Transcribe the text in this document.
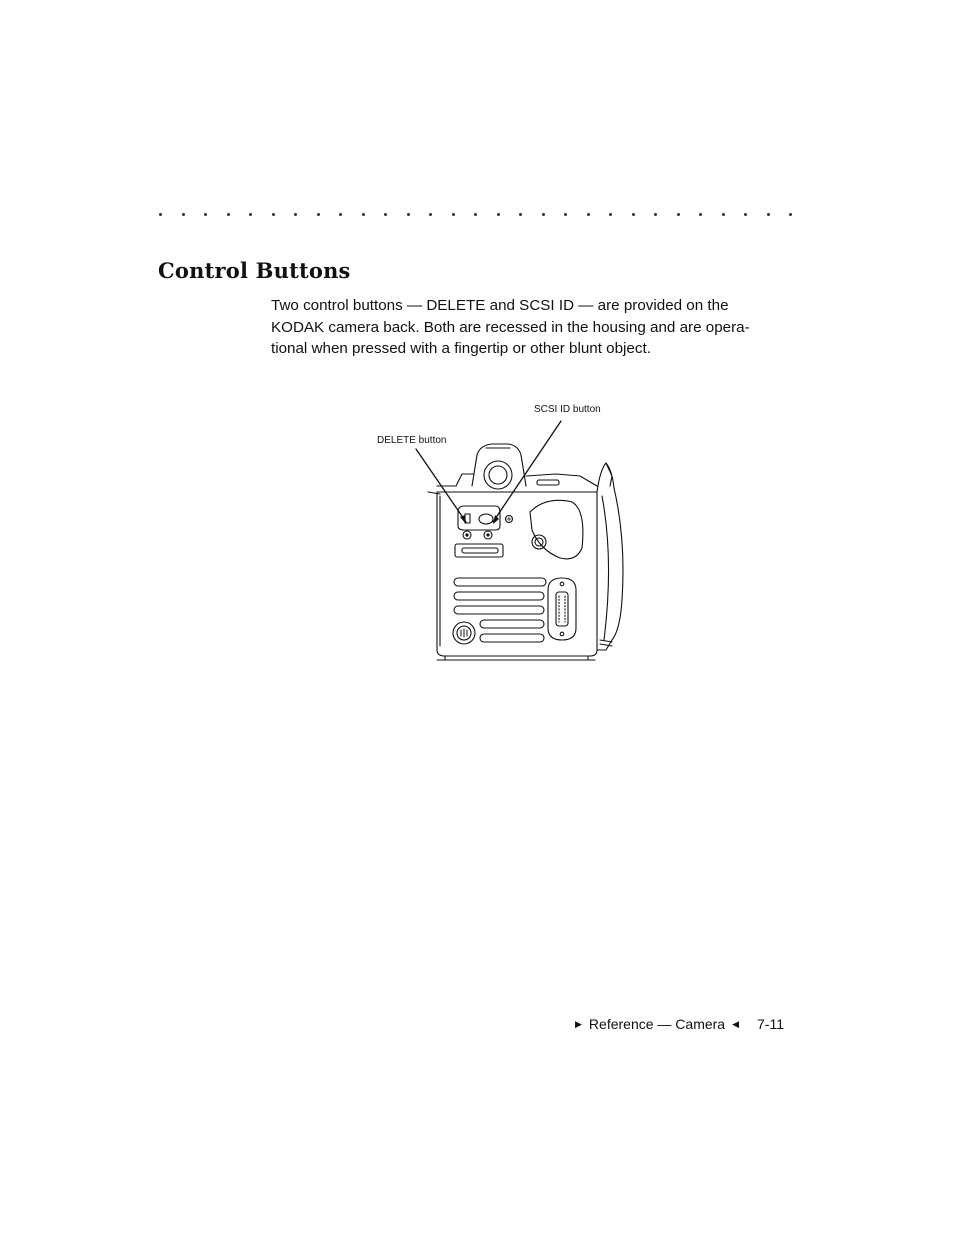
Control Buttons

Two control buttons — DELETE and SCSI ID — are provided on the
KODAK camera back. Both are recessed in the housing and are opera-
tional when pressed with a fingertip or other blunt object.

SCSI ID button
DELETE button
▶ Reference — Camera ◀ 7-11
